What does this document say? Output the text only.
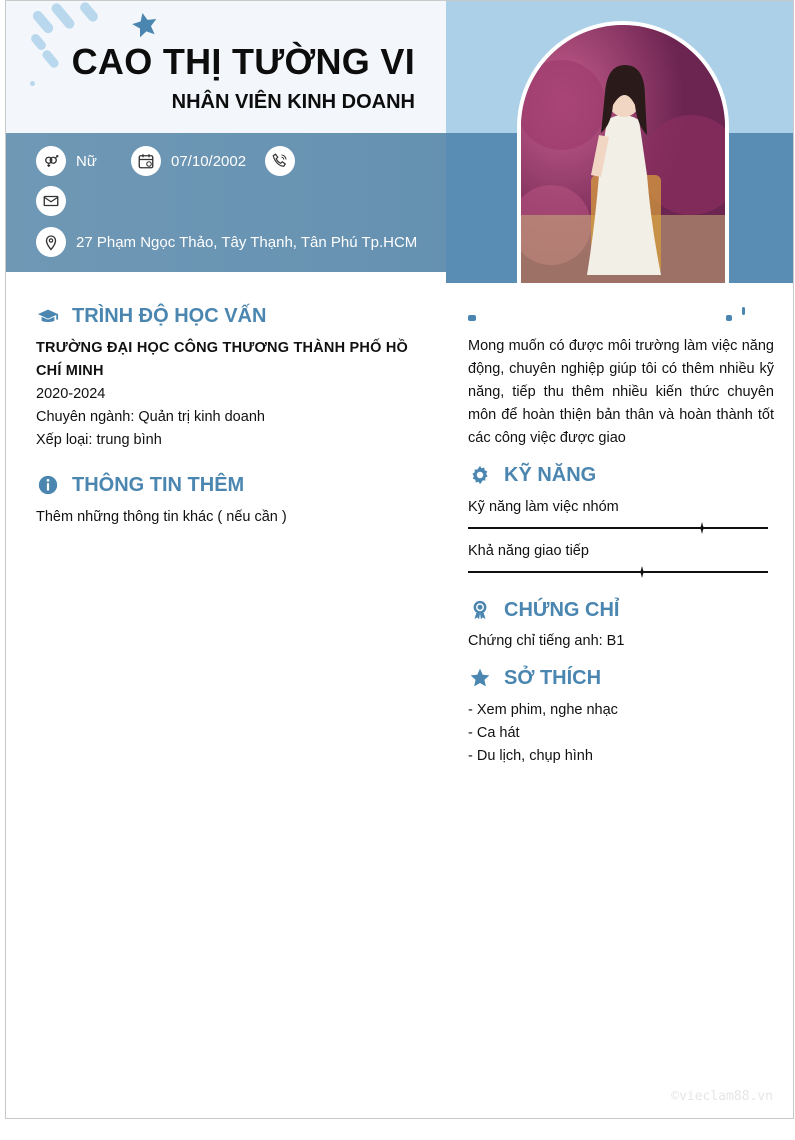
CAO THỊ TƯỜNG VI
NHÂN VIÊN KINH DOANH
Nữ	07/10/2002
27 Phạm Ngọc Thảo, Tây Thạnh, Tân Phú Tp.HCM
TRÌNH ĐỘ HỌC VẤN
TRƯỜNG ĐẠI HỌC CÔNG THƯƠNG THÀNH PHỐ HỒ CHÍ MINH
2020-2024
Chuyên ngành: Quản trị kinh doanh
Xếp loại: trung bình
THÔNG TIN THÊM
Thêm những thông tin khác ( nếu cần )
Mong muốn có được môi trường làm việc năng động, chuyên nghiệp giúp tôi có thêm nhiều kỹ năng, tiếp thu thêm nhiều kiến thức chuyên môn để hoàn thiện bản thân và hoàn thành tốt các công việc được giao
KỸ NĂNG
CHỨNG CHỈ
Chứng chỉ tiếng anh: B1
SỞ THÍCH
- Xem phim, nghe nhạc
- Ca hát
- Du lịch, chụp hình
©vieclam88.vn
Kỹ năng làm việc nhóm
Khả năng giao tiếp
